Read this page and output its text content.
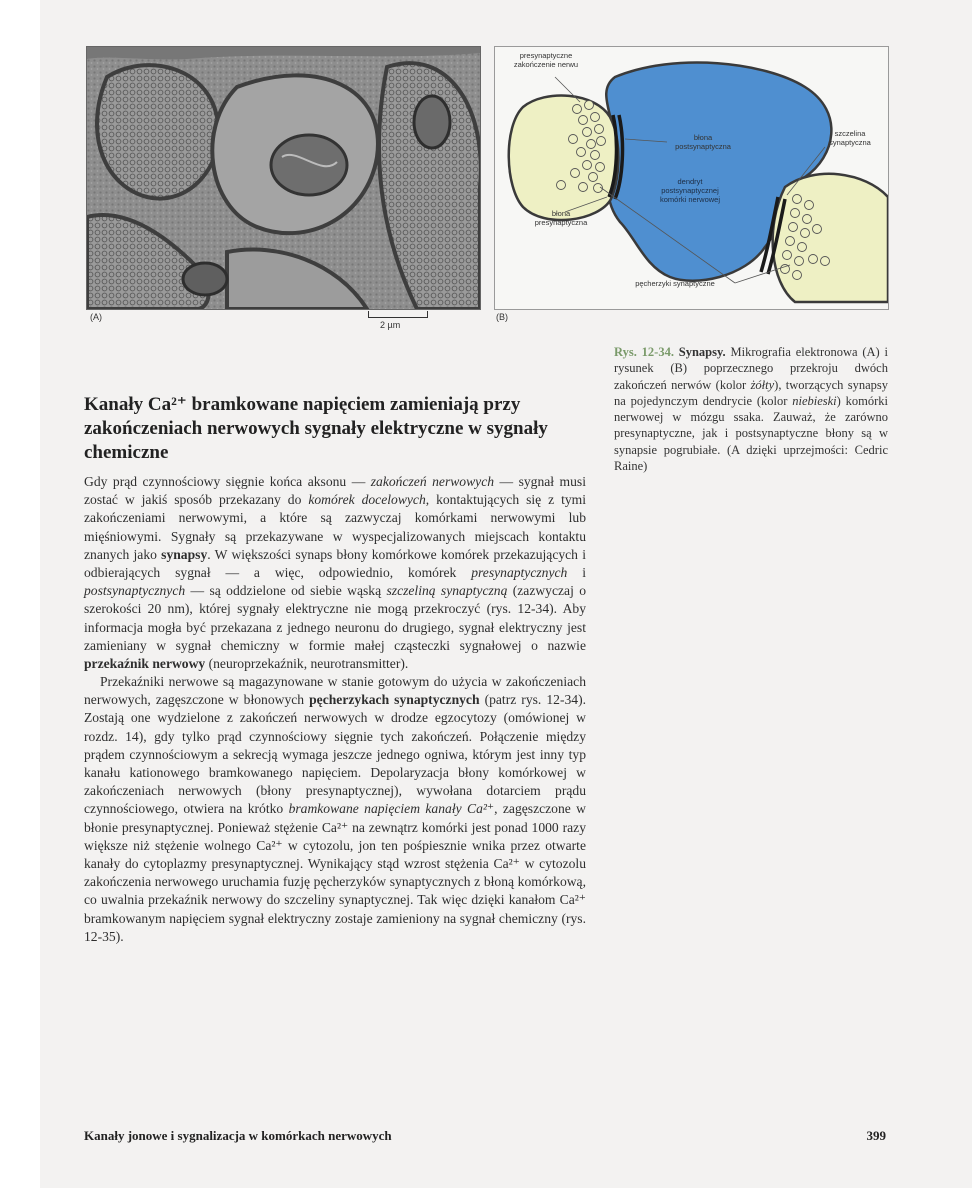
(A)
2 µm
presynaptyczne
zakończenie nerwu
błona
postsynaptyczna
szczelina
synaptyczna
dendryt
postsynaptycznej
komórki nerwowej
błona
presynaptyczna
pęcherzyki synaptyczne
(B)
Rys. 12-34. Synapsy. Mikrografia elektronowa (A) i rysunek (B) poprzecznego przekroju dwóch zakończeń nerwów (kolor żółty), tworzących synapsy na pojedynczym dendrycie (kolor niebieski) komórki nerwowej w mózgu ssaka. Zauważ, że zarówno presynaptyczne, jak i postsynaptyczne błony są w synapsie pogrubiałe. (A dzięki uprzejmości: Cedric Raine)
Kanały Ca²⁺ bramkowane napięciem zamieniają przy zakończeniach nerwowych sygnały elektryczne w sygnały chemiczne

Gdy prąd czynnościowy sięgnie końca aksonu — zakończeń nerwowych — sygnał musi zostać w jakiś sposób przekazany do komórek docelowych, kontaktujących się z tymi zakończeniami nerwowymi, a które są zazwyczaj komórkami nerwowymi lub mięśniowymi. Sygnały są przekazywane w wyspecjalizowanych miejscach kontaktu znanych jako synapsy. W większości synaps błony komórkowe komórek przekazujących i odbierających sygnał — a więc, odpowiednio, komórek presynaptycznych i postsynaptycznych — są oddzielone od siebie wąską szczeliną synaptyczną (zazwyczaj o szerokości 20 nm), której sygnały elektryczne nie mogą przekroczyć (rys. 12-34). Aby informacja mogła być przekazana z jednego neuronu do drugiego, sygnał elektryczny jest zamieniany w sygnał chemiczny w formie małej cząsteczki sygnałowej o nazwie przekaźnik nerwowy (neuroprzekaźnik, neurotransmitter).

Przekaźniki nerwowe są magazynowane w stanie gotowym do użycia w zakończeniach nerwowych, zagęszczone w błonowych pęcherzykach synaptycznych (patrz rys. 12-34). Zostają one wydzielone z zakończeń nerwowych w drodze egzocytozy (omówionej w rozdz. 14), gdy tylko prąd czynnościowy sięgnie tych zakończeń. Połączenie między prądem czynnościowym a sekrecją wymaga jeszcze jednego ogniwa, którym jest inny typ kanału kationowego bramkowanego napięciem. Depolaryzacja błony komórkowej w zakończeniach nerwowych (błony presynaptycznej), wywołana dotarciem prądu czynnościowego, otwiera na krótko bramkowane napięciem kanały Ca²⁺, zagęszczone w błonie presynaptycznej. Ponieważ stężenie Ca²⁺ na zewnątrz komórki jest ponad 1000 razy większe niż stężenie wolnego Ca²⁺ w cytozolu, jon ten pośpiesznie wnika przez otwarte kanały do cytoplazmy presynaptycznej. Wynikający stąd wzrost stężenia Ca²⁺ w cytozolu zakończenia nerwowego uruchamia fuzję pęcherzyków synaptycznych z błoną komórkową, co uwalnia przekaźnik nerwowy do szczeliny synaptycznej. Tak więc dzięki kanałom Ca²⁺ bramkowanym napięciem sygnał elektryczny zostaje zamieniony na sygnał chemiczny (rys. 12-35).

Kanały jonowe i sygnalizacja w komórkach nerwowych	399
